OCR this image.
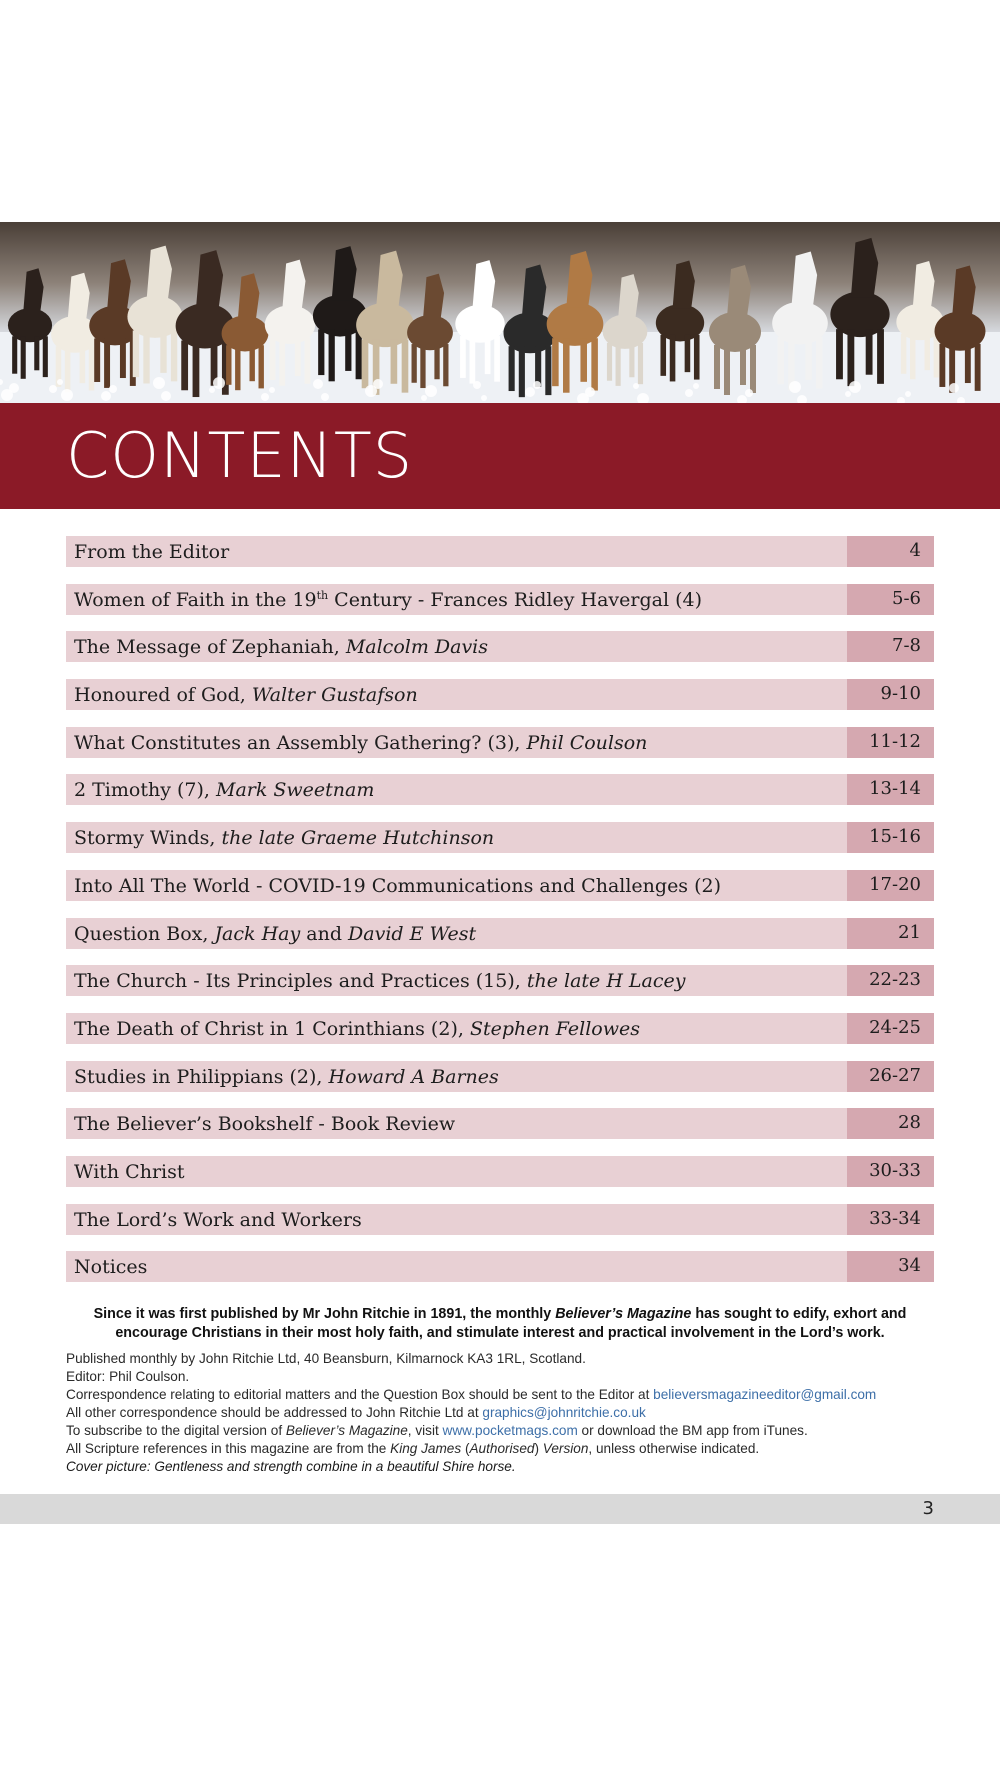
CONTENTS
From the Editor	4
Women of Faith in the 19th Century - Frances Ridley Havergal (4)	5-6
The Message of Zephaniah, Malcolm Davis	7-8
Honoured of God, Walter Gustafson	9-10
What Constitutes an Assembly Gathering? (3), Phil Coulson	11-12
2 Timothy (7), Mark Sweetnam	13-14
Stormy Winds, the late Graeme Hutchinson	15-16
Into All The World - COVID-19 Communications and Challenges (2)	17-20
Question Box, Jack Hay and David E West	21
The Church - Its Principles and Practices (15), the late H Lacey	22-23
The Death of Christ in 1 Corinthians (2), Stephen Fellowes	24-25
Studies in Philippians (2), Howard A Barnes	26-27
The Believer’s Bookshelf - Book Review	28
With Christ	30-33
The Lord’s Work and Workers	33-34
Notices	34
Since it was first published by Mr John Ritchie in 1891, the monthly Believer’s Magazine has sought to edify, exhort and encourage Christians in their most holy faith, and stimulate interest and practical involvement in the Lord’s work.
Published monthly by John Ritchie Ltd, 40 Beansburn, Kilmarnock KA3 1RL, Scotland.
Editor: Phil Coulson.
Correspondence relating to editorial matters and the Question Box should be sent to the Editor at believersmagazineeditor@gmail.com
All other correspondence should be addressed to John Ritchie Ltd at graphics@johnritchie.co.uk
To subscribe to the digital version of Believer’s Magazine, visit www.pocketmags.com or download the BM app from iTunes.
All Scripture references in this magazine are from the King James (Authorised) Version, unless otherwise indicated.
Cover picture: Gentleness and strength combine in a beautiful Shire horse.
3
